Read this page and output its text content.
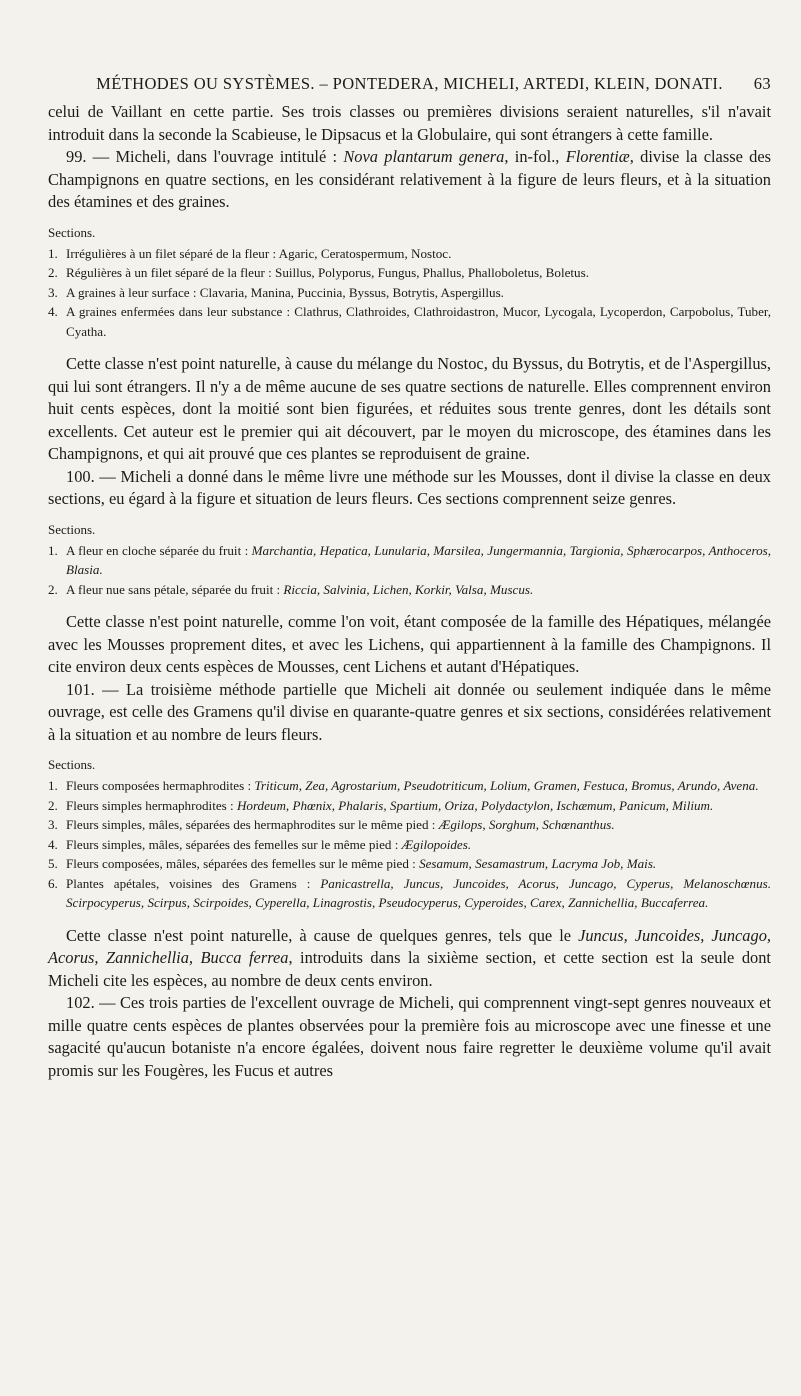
MÉTHODES OU SYSTÈMES. – PONTEDERA, MICHELI, ARTEDI, KLEIN, DONATI. 63

celui de Vaillant en cette partie. Ses trois classes ou premières divisions seraient naturelles, s'il n'avait introduit dans la seconde la Scabieuse, le Dipsacus et la Globulaire, qui sont étrangers à cette famille.

99. — Micheli, dans l'ouvrage intitulé : Nova plantarum genera, in-fol., Florentiæ, divise la classe des Champignons en quatre sections, en les considérant relativement à la figure de leurs fleurs, et à la situation des étamines et des graines.

Sections.
1. Irrégulières à un filet séparé de la fleur : Agaric, Ceratospermum, Nostoc.
2. Régulières à un filet séparé de la fleur : Suillus, Polyporus, Fungus, Phallus, Phalloboletus, Boletus.
3. A graines à leur surface : Clavaria, Manina, Puccinia, Byssus, Botrytis, Aspergillus.
4. A graines enfermées dans leur substance : Clathrus, Clathroides, Clathroidastron, Mucor, Lycogala, Lycoperdon, Carpobolus, Tuber, Cyatha.

Cette classe n'est point naturelle, à cause du mélange du Nostoc, du Byssus, du Botrytis, et de l'Aspergillus, qui lui sont étrangers. Il n'y a de même aucune de ses quatre sections de naturelle. Elles comprennent environ huit cents espèces, dont la moitié sont bien figurées, et réduites sous trente genres, dont les détails sont excellents. Cet auteur est le premier qui ait découvert, par le moyen du microscope, des étamines dans les Champignons, et qui ait prouvé que ces plantes se reproduisent de graine.

100. — Micheli a donné dans le même livre une méthode sur les Mousses, dont il divise la classe en deux sections, eu égard à la figure et situation de leurs fleurs. Ces sections comprennent seize genres.

Sections.
1. A fleur en cloche séparée du fruit : Marchantia, Hepatica, Lunularia, Marsilea, Jungermannia, Targionia, Sphærocarpos, Anthoceros, Blasia.
2. A fleur nue sans pétale, séparée du fruit : Riccia, Salvinia, Lichen, Korkir, Valsa, Muscus.

Cette classe n'est point naturelle, comme l'on voit, étant composée de la famille des Hépatiques, mélangée avec les Mousses proprement dites, et avec les Lichens, qui appartiennent à la famille des Champignons. Il cite environ deux cents espèces de Mousses, cent Lichens et autant d'Hépatiques.

101. — La troisième méthode partielle que Micheli ait donnée ou seulement indiquée dans le même ouvrage, est celle des Gramens qu'il divise en quarante-quatre genres et six sections, considérées relativement à la situation et au nombre de leurs fleurs.

Sections.
1. Fleurs composées hermaphrodites : Triticum, Zea, Agrostarium, Pseudotriticum, Lolium, Gramen, Festuca, Bromus, Arundo, Avena.
2. Fleurs simples hermaphrodites : Hordeum, Phœnix, Phalaris, Spartium, Oriza, Polydactylon, Ischæmum, Panicum, Milium.
3. Fleurs simples, mâles, séparées des hermaphrodites sur le même pied : Ægilops, Sorghum, Schœnanthus.
4. Fleurs simples, mâles, séparées des femelles sur le même pied : Ægilopoides.
5. Fleurs composées, mâles, séparées des femelles sur le même pied : Sesamum, Sesamastrum, Lacryma Job, Mais.
6. Plantes apétales, voisines des Gramens : Panicastrella, Juncus, Juncoides, Acorus, Juncago, Cyperus, Melanoschœnus. Scirpocyperus, Scirpus, Scirpoides, Cyperella, Linagrostis, Pseudocyperus, Cyperoides, Carex, Zannichellia, Buccaferrea.

Cette classe n'est point naturelle, à cause de quelques genres, tels que le Juncus, Juncoides, Juncago, Acorus, Zannichellia, Bucca ferrea, introduits dans la sixième section, et cette section est la seule dont Micheli cite les espèces, au nombre de deux cents environ.

102. — Ces trois parties de l'excellent ouvrage de Micheli, qui comprennent vingt-sept genres nouveaux et mille quatre cents espèces de plantes observées pour la première fois au microscope avec une finesse et une sagacité qu'aucun botaniste n'a encore égalées, doivent nous faire regretter le deuxième volume qu'il avait promis sur les Fougères, les Fucus et autres
